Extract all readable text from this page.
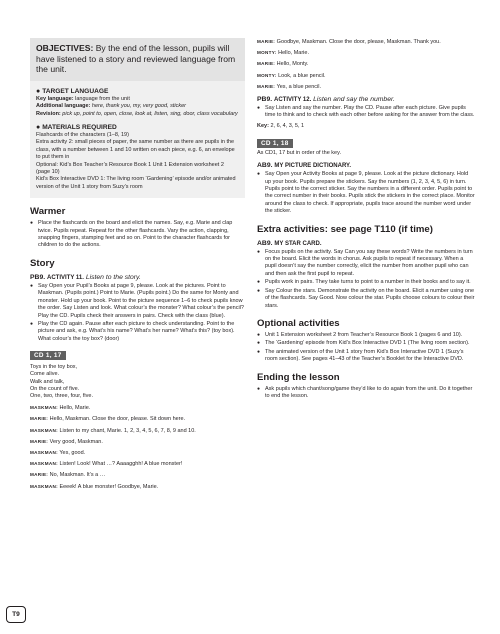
OBJECTIVES: By the end of the lesson, pupils will have listened to a story and reviewed language from the unit.

● TARGET LANGUAGE

Key language: language from the unit

Additional language: here, thank you, my, very good, sticker

Revision: pick up, point to, open, close, look at, listen, sing, door, class vocabulary

● MATERIALS REQUIRED

Flashcards of the characters (1–8, 19)

Extra activity 2: small pieces of paper, the same number as there are pupils in the class, with a number between 1 and 10 written on each piece, e.g. 6, an envelope to put them in

Optional: Kid’s Box Teacher’s Resource Book 1 Unit 1 Extension worksheet 2 (page 10)

Kid’s Box Interactive DVD 1: The living room ‘Gardening’ episode and/or animated version of the Unit 1 story from Suzy’s room

Warmer
● Place the flashcards on the board and elicit the names. Say, e.g. Marie and clap twice. Pupils repeat. Repeat for the other flashcards. Vary the action, clapping, snapping fingers, stamping feet and so on. Point to the character flashcards for children to do the actions.
Story
PB9. ACTIVITY 11. Listen to the story.
● Say Open your Pupil’s Books at page 9, please. Look at the pictures. Point to Maskman. (Pupils point.) Point to Marie. (Pupils point.) Do the same for Monty and monster. Hold up your book. Point to the picture sequence 1–6 to check pupils know the order. Say Listen and look. What colour’s the monster? What colour’s the pencil? Play the CD. Pupils check their answers in pairs. Check with the class (blue).
● Play the CD again. Pause after each picture to check understanding. Point to the picture and ask, e.g. What’s his name? What’s her name? What’s this? (toy box). What colour’s the toy box? (door)
CD 1, 17
Toys in the toy box,
Come alive.
Walk and talk,
On the count of five.
One, two, three, four, five.
MASKMAN: Hello, Marie.
MARIE: Hello, Maskman. Close the door, please. Sit down here.
MASKMAN: Listen to my chant, Marie. 1, 2, 3, 4, 5, 6, 7, 8, 9 and 10.
MARIE: Very good, Maskman.
MASKMAN: Yes, good.
MASKMAN: Listen! Look! What …? Aaaagghh! A blue monster!
MARIE: No, Maskman. It’s a …
MASKMAN: Eeeek! A blue monster! Goodbye, Marie.
MARIE: Goodbye, Maskman. Close the door, please, Maskman. Thank you.
MONTY: Hello, Marie.
MARIE: Hello, Monty.
MONTY: Look, a blue pencil.
MARIE: Yes, a blue pencil.
PB9. ACTIVITY 12. Listen and say the number.
● Say Listen and say the number. Play the CD. Pause after each picture. Give pupils time to think and to check with each other before asking for the answer from the class.

Key: 2, 6, 4, 3, 5, 1

CD 1, 18

As CD1, 17 but in order of the key.

AB9. MY PICTURE DICTIONARY.
● Say Open your Activity Books at page 9, please. Look at the picture dictionary. Hold up your book. Pupils prepare the stickers. Say the numbers (1, 2, 3, 4, 5, 6) in turn. Pupils point to the correct sticker. Say the numbers in a different order. Pupils point to the correct number in their books. Pupils stick the stickers in the correct place. Monitor around the class to check. If appropriate, pupils trace around the number word under the sticker.
Extra activities: see page T110 (if time)
AB9. MY STAR CARD.
● Focus pupils on the activity. Say Can you say these words? Write the numbers in turn on the board. Elicit the words in chorus. Ask pupils to repeat if necessary. When a pupil doesn’t say the number correctly, elicit the number from another pupil who can and then ask the first pupil to repeat.
● Pupils work in pairs. They take turns to point to a number in their books and to say it.
● Say Colour the stars. Demonstrate the activity on the board. Elicit a number using one of the flashcards. Say Good. Now colour the star. Pupils choose colours to colour their stars.
Optional activities
● Unit 1 Extension worksheet 2 from Teacher’s Resource Book 1 (pages 6 and 10).
● The ‘Gardening’ episode from Kid’s Box Interactive DVD 1 (The living room section).
● The animated version of the Unit 1 story from Kid’s Box Interactive DVD 1 (Suzy’s room section). See pages 41–43 of the Teacher’s Booklet for the Interactive DVD.
Ending the lesson
● Ask pupils which chant/song/game they’d like to do again from the unit. Do it together to end the lesson.
T9
